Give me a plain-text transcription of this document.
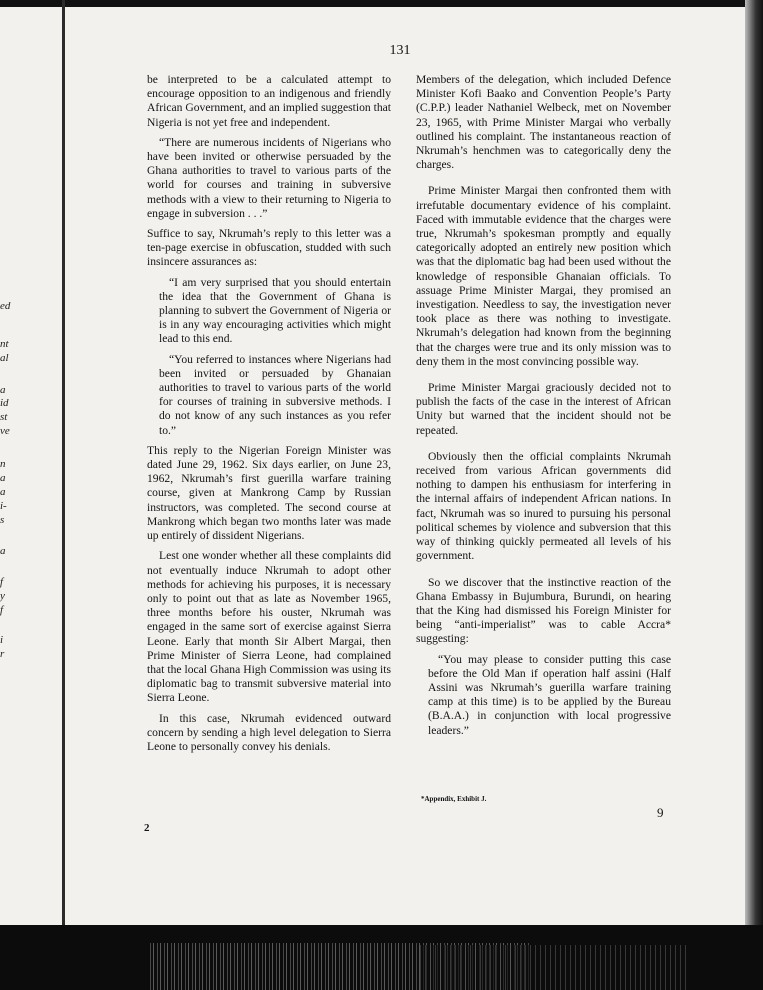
ed
nt
al
a
id
st
ve
n
a
a
i-
s
a
f
y
f
i
r
131

be interpreted to be a calculated attempt to encourage opposition to an indigenous and friendly African Government, and an implied suggestion that Nigeria is not yet free and independent.

“There are numerous incidents of Nigerians who have been invited or otherwise persuaded by the Ghana authorities to travel to various parts of the world for courses and training in subversive methods with a view to their returning to Nigeria to engage in subversion . . .”

Suffice to say, Nkrumah’s reply to this letter was a ten-page exercise in obfuscation, studded with such insincere assurances as:

“I am very surprised that you should entertain the idea that the Government of Ghana is planning to subvert the Government of Nigeria or is in any way encouraging activities which might lead to this end.

“You referred to instances where Nigerians had been invited or persuaded by Ghanaian authorities to travel to various parts of the world for courses of training in subversive methods. I do not know of any such instances as you refer to.”

This reply to the Nigerian Foreign Minister was dated June 29, 1962. Six days earlier, on June 23, 1962, Nkrumah’s first guerilla warfare training course, given at Mankrong Camp by Russian instructors, was completed. The second course at Mankrong which began two months later was made up entirely of dissident Nigerians.

Lest one wonder whether all these complaints did not eventually induce Nkrumah to adopt other methods for achieving his purposes, it is necessary only to point out that as late as November 1965, three months before his ouster, Nkrumah was engaged in the same sort of exercise against Sierra Leone. Early that month Sir Albert Margai, then Prime Minister of Sierra Leone, had complained that the local Ghana High Commission was using its diplomatic bag to transmit subversive material into Sierra Leone.

In this case, Nkrumah evidenced outward concern by sending a high level delegation to Sierra Leone to personally convey his denials.

Members of the delegation, which included Defence Minister Kofi Baako and Convention People’s Party (C.P.P.) leader Nathaniel Welbeck, met on November 23, 1965, with Prime Minister Margai who verbally outlined his complaint. The instantaneous reaction of Nkrumah’s henchmen was to categorically deny the charges.

Prime Minister Margai then confronted them with irrefutable documentary evidence of his complaint. Faced with immutable evidence that the charges were true, Nkrumah’s spokesman promptly and equally categorically adopted an entirely new position which was that the diplomatic bag had been used without the knowledge of responsible Ghanaian officials. To assuage Prime Minister Margai, they promised an investigation. Needless to say, the investigation never took place as there was nothing to investigate. Nkrumah’s delegation had known from the beginning that the charges were true and its only mission was to deny them in the most convincing possible way.

Prime Minister Margai graciously decided not to publish the facts of the case in the interest of African Unity but warned that the incident should not be repeated.

Obviously then the official complaints Nkrumah received from various African governments did nothing to dampen his enthusiasm for interfering in the internal affairs of independent African nations. In fact, Nkrumah was so inured to pursuing his personal political schemes by violence and subversion that this way of thinking quickly permeated all levels of his government.

So we discover that the instinctive reaction of the Ghana Embassy in Bujumbura, Burundi, on hearing that the King had dismissed his Foreign Minister for being “anti-imperialist” was to cable Accra* suggesting:

“You may please to consider putting this case before the Old Man if operation half assini (Half Assini was Nkrumah’s guerilla warfare training camp at this time) is to be applied by the Bureau (B.A.A.) in conjunction with local progressive leaders.”

*Appendix, Exhibit J.
9
2
